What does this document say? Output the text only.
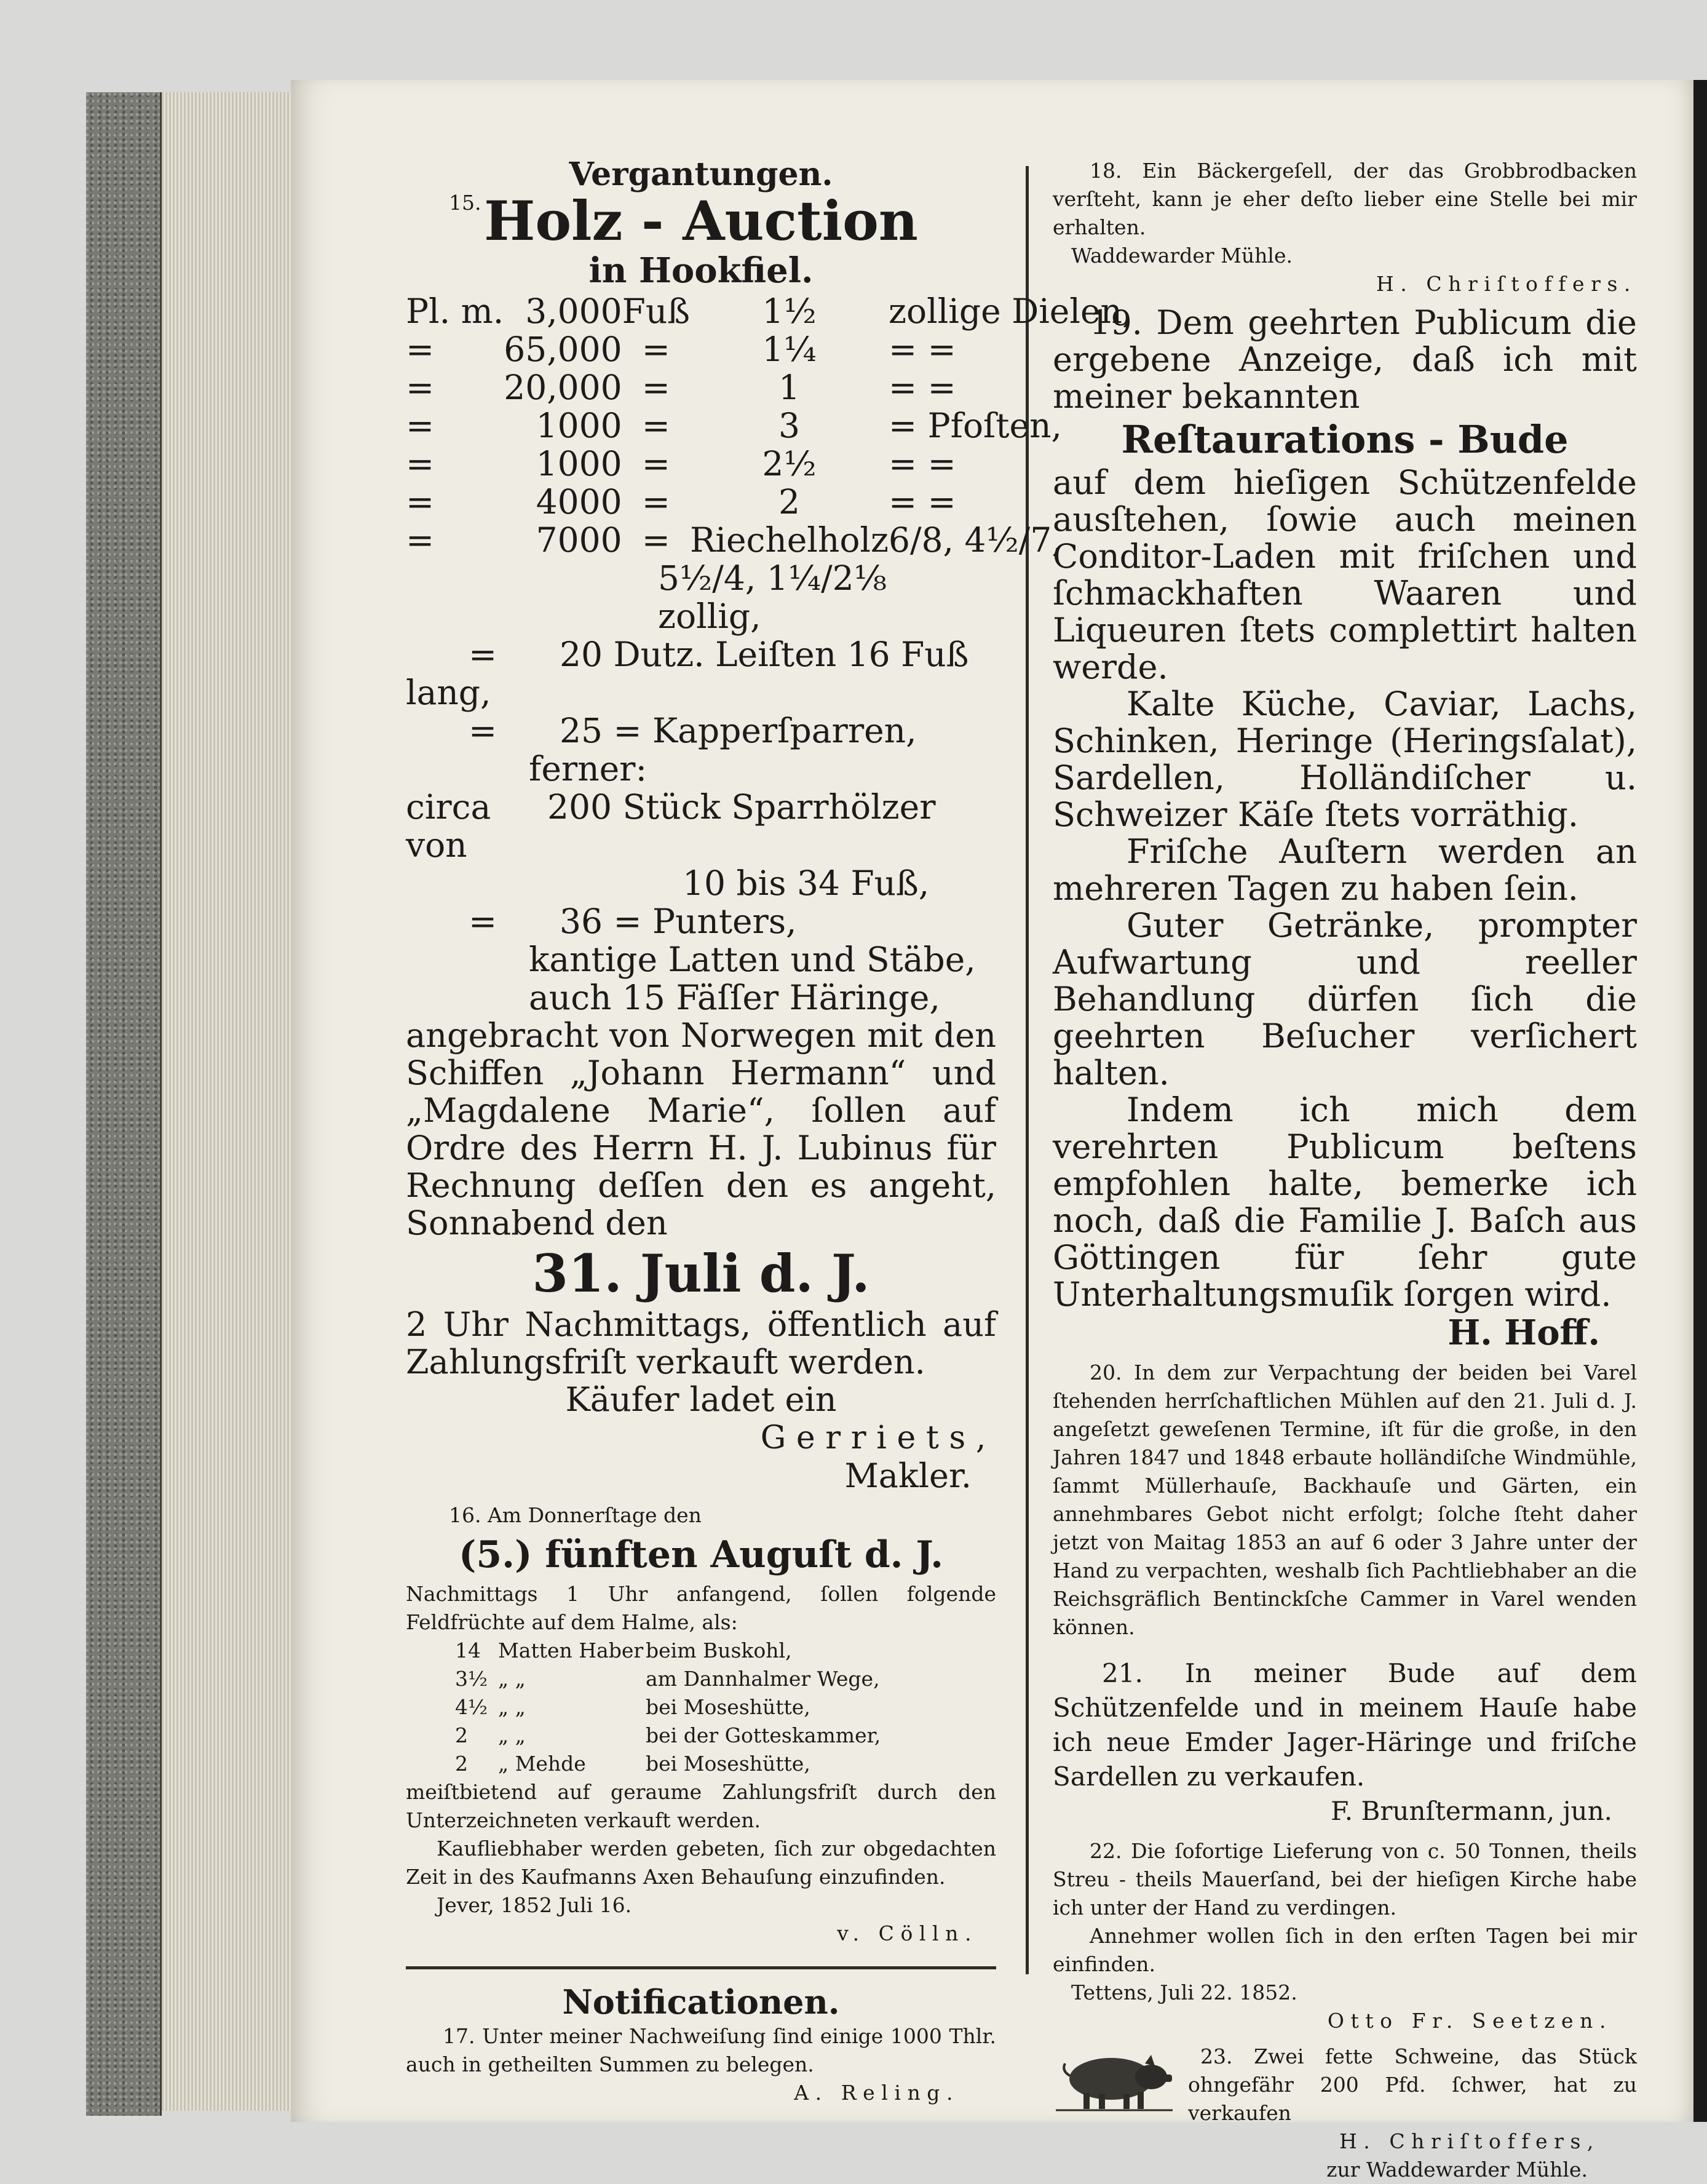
Vergantungen.
15. Holz - Auction
in Hookfiel.
Pl. m.	3,000	Fuß	1½	zollige Dielen,
=	65,000	=	1¼	= =
=	20,000	=	1	= =
=	1000	=	3	= Pfoſten,
=	1000	=	2½	= =
=	4000	=	2	= =
=	7000	=	Riechelholz	6/8, 4½/7,
5½/4, 1¼/2⅛ zollig,
= 20 Dutz. Leiſten 16 Fuß lang,
= 25 = Kapperſparren,
ferner:
circa 200 Stück Sparrhölzer von
10 bis 34 Fuß,
= 36 = Punters,
kantige Latten und Stäbe,
auch 15 Fäſſer Häringe,
angebracht von Norwegen mit den Schiffen „Johann Hermann“ und „Magdalene Marie“, ſollen auf Ordre des Herrn H. J. Lubinus für Rechnung deſſen den es angeht, Sonnabend den
31. Juli d. J.
2 Uhr Nachmittags, öffentlich auf Zahlungsfriſt verkauft werden.
Käufer ladet ein
Gerriets,
Makler.
16. Am Donnerſtage den
(5.) fünften Auguſt d. J.
Nachmittags 1 Uhr anfangend, ſollen folgende Feldfrüchte auf dem Halme, als:
14	Matten Haber	beim Buskohl,
3½	„ „	am Dannhalmer Wege,
4½	„ „	bei Moseshütte,
2	„ „	bei der Gotteskammer,
2	„ Mehde	bei Moseshütte,
meiſtbietend auf geraume Zahlungsfriſt durch den Unterzeichneten verkauft werden.
Kaufliebhaber werden gebeten, ſich zur obgedachten Zeit in des Kaufmanns Axen Behauſung einzufinden.
Jever, 1852 Juli 16.
v. Cölln.
Notificationen.
17. Unter meiner Nachweiſung ſind einige 1000 Thlr. auch in getheilten Summen zu belegen.
A. Reling.
18. Ein Bäckergeſell, der das Grobbrodbacken verſteht, kann je eher deſto lieber eine Stelle bei mir erhalten.
Waddewarder Mühle.
H. Chriſtoffers.
19. Dem geehrten Publicum die ergebene Anzeige, daß ich mit meiner bekannten
Reſtaurations - Bude
auf dem hieſigen Schützenfelde ausſtehen, ſowie auch meinen Conditor-Laden mit friſchen und ſchmackhaften Waaren und Liqueuren ſtets complettirt halten werde.
Kalte Küche, Caviar, Lachs, Schinken, Heringe (Heringsſalat), Sardellen, Holländiſcher u. Schweizer Käſe ſtets vorräthig.
Friſche Auſtern werden an mehreren Tagen zu haben ſein.
Guter Getränke, prompter Aufwartung und reeller Behandlung dürfen ſich die geehrten Beſucher verſichert halten.
Indem ich mich dem verehrten Publicum beſtens empfohlen halte, bemerke ich noch, daß die Familie J. Baſch aus Göttingen für ſehr gute Unterhaltungsmuſik ſorgen wird.
H. Hoff.
20. In dem zur Verpachtung der beiden bei Varel ſtehenden herrſchaftlichen Mühlen auf den 21. Juli d. J. angeſetzt geweſenen Termine, iſt für die große, in den Jahren 1847 und 1848 erbaute holländiſche Windmühle, ſammt Müllerhauſe, Backhauſe und Gärten, ein annehmbares Gebot nicht erfolgt; ſolche ſteht daher jetzt von Maitag 1853 an auf 6 oder 3 Jahre unter der Hand zu verpachten, weshalb ſich Pachtliebhaber an die Reichsgräflich Bentinckſche Cammer in Varel wenden können.
21. In meiner Bude auf dem Schützenfelde und in meinem Hauſe habe ich neue Emder Jager-Häringe und friſche Sardellen zu verkaufen.
F. Brunſtermann, jun.
22. Die ſofortige Lieferung von c. 50 Tonnen, theils Streu - theils Mauerſand, bei der hieſigen Kirche habe ich unter der Hand zu verdingen.
Annehmer wollen ſich in den erſten Tagen bei mir einfinden.
Tettens, Juli 22. 1852.
Otto Fr. Seetzen.
23. Zwei fette Schweine, das Stück ohngefähr 200 Pfd. ſchwer, hat zu verkaufen
H. Chriſtoffers,
zur Waddewarder Mühle.
